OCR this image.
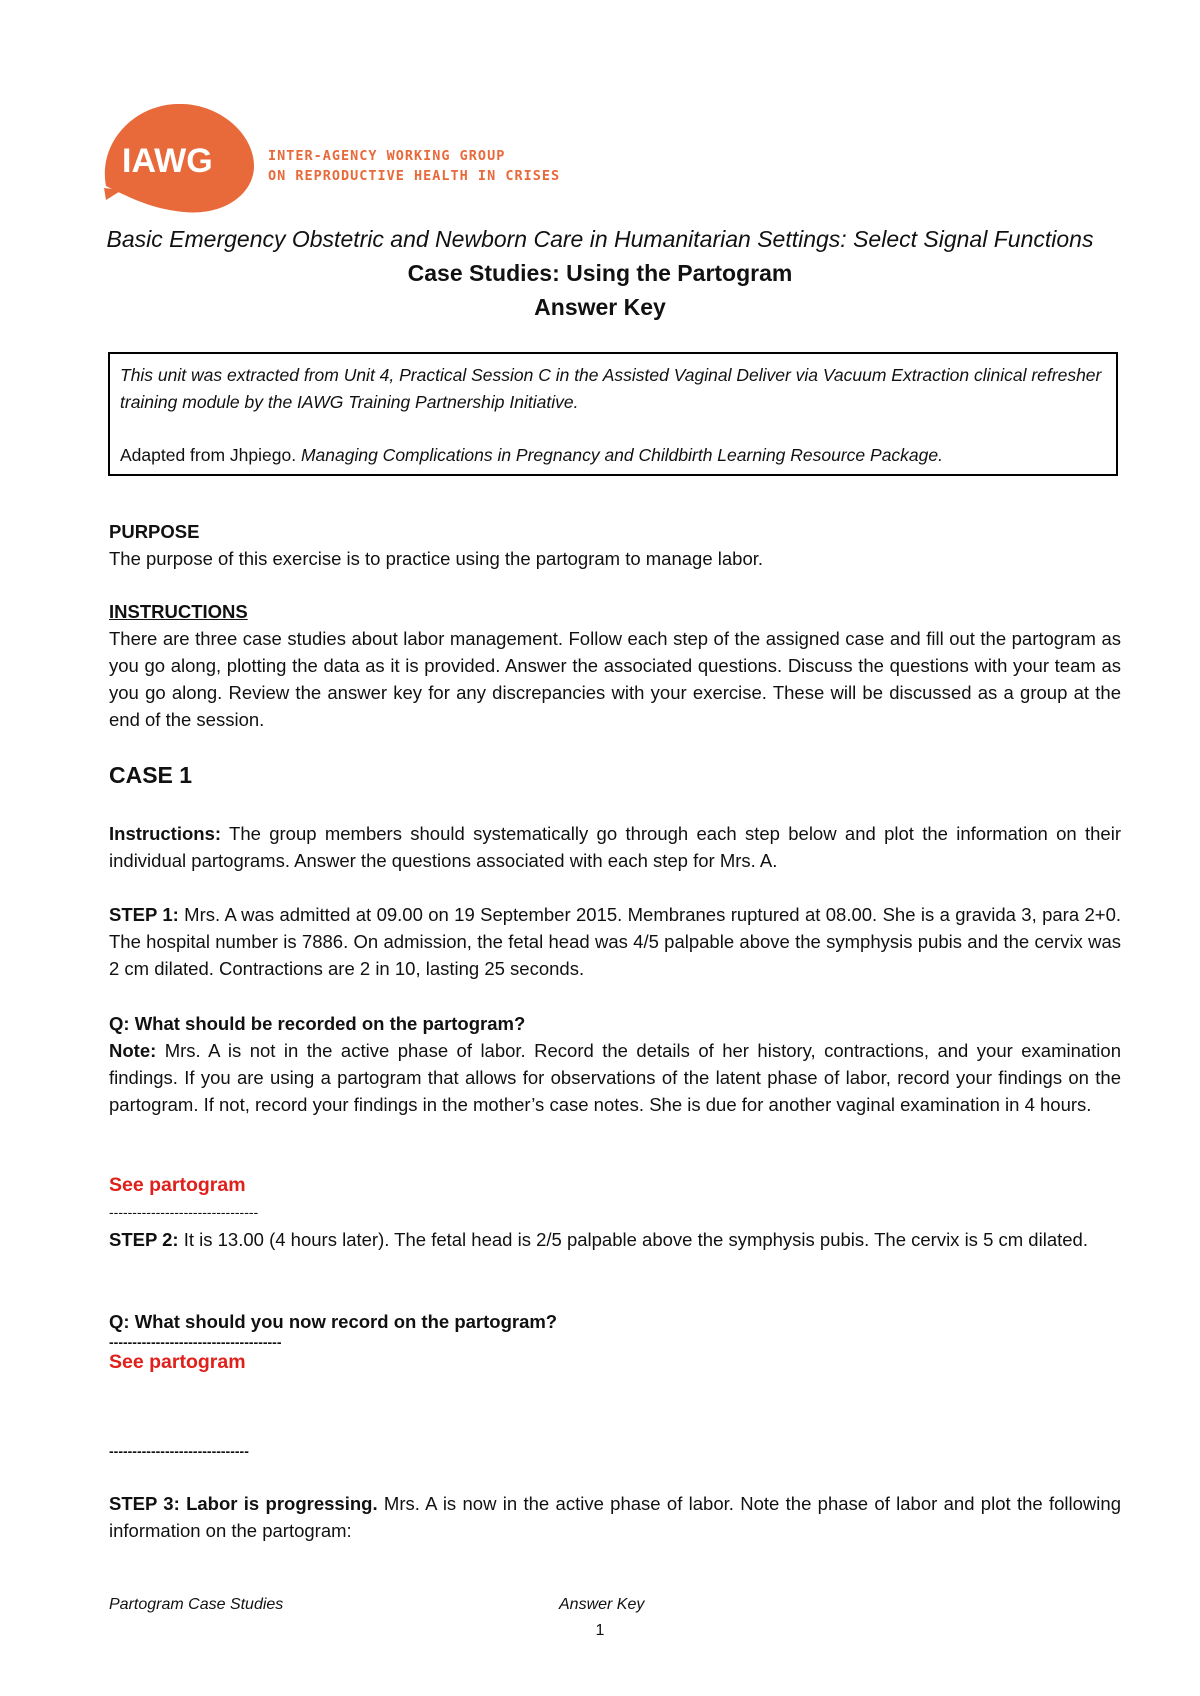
IAWG	INTER-AGENCY WORKING GROUP
ON REPRODUCTIVE HEALTH IN CRISES
Basic Emergency Obstetric and Newborn Care in Humanitarian Settings: Select Signal Functions
Case Studies: Using the Partogram
Answer Key

This unit was extracted from Unit 4, Practical Session C in the Assisted Vaginal Deliver via Vacuum Extraction clinical refresher training module by the IAWG Training Partnership Initiative.

Adapted from Jhpiego. Managing Complications in Pregnancy and Childbirth Learning Resource Package.

PURPOSE

The purpose of this exercise is to practice using the partogram to manage labor.

INSTRUCTIONS

There are three case studies about labor management. Follow each step of the assigned case and fill out the partogram as you go along, plotting the data as it is provided. Answer the associated questions. Discuss the questions with your team as you go along. Review the answer key for any discrepancies with your exercise. These will be discussed as a group at the end of the session.

CASE 1

Instructions: The group members should systematically go through each step below and plot the information on their individual partograms. Answer the questions associated with each step for Mrs. A.

STEP 1: Mrs. A was admitted at 09.00 on 19 September 2015. Membranes ruptured at 08.00. She is a gravida 3, para 2+0. The hospital number is 7886. On admission, the fetal head was 4/5 palpable above the symphysis pubis and the cervix was 2 cm dilated. Contractions are 2 in 10, lasting 25 seconds.

Q: What should be recorded on the partogram?

Note: Mrs. A is not in the active phase of labor. Record the details of her history, contractions, and your examination findings. If you are using a partogram that allows for observations of the latent phase of labor, record your findings on the partogram. If not, record your findings in the mother’s case notes. She is due for another vaginal examination in 4 hours.

See partogram

--------------------------------

STEP 2: It is 13.00 (4 hours later). The fetal head is 2/5 palpable above the symphysis pubis. The cervix is 5 cm dilated.

Q: What should you now record on the partogram?

-------------------------------------

See partogram

------------------------------

STEP 3: Labor is progressing. Mrs. A is now in the active phase of labor. Note the phase of labor and plot the following information on the partogram:

Partogram Case Studies	Answer Key
1
